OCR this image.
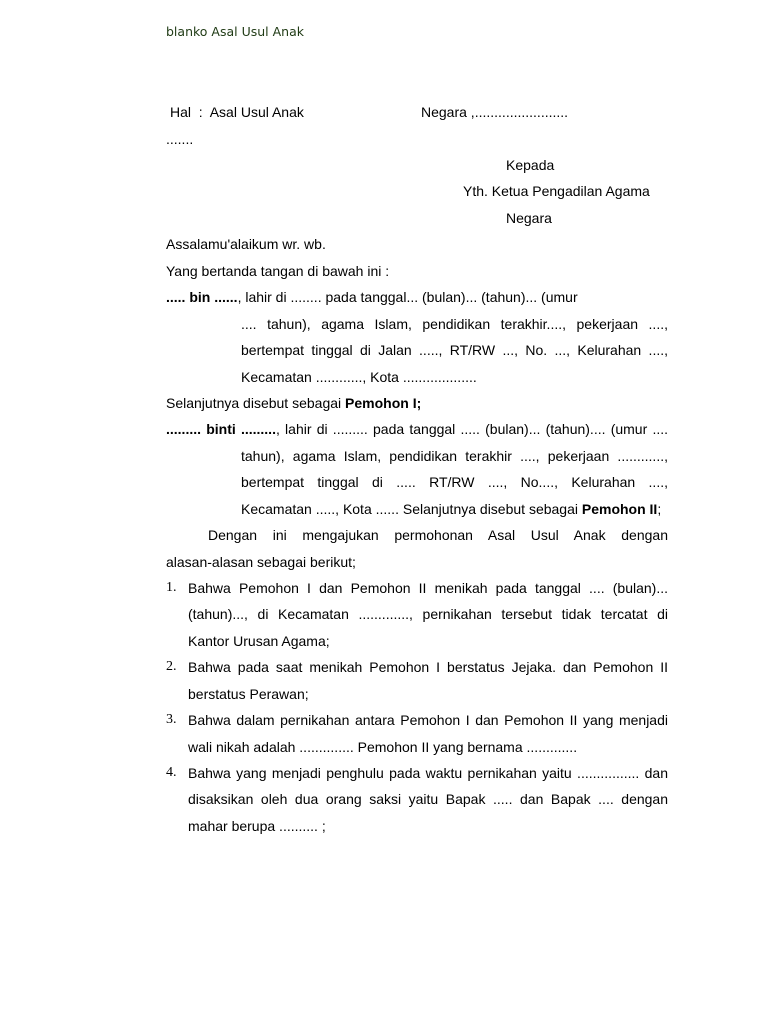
blanko Asal Usul Anak
Hal : Asal Usul Anak	Negara ,........................
.......
Kepada
Yth. Ketua Pengadilan Agama
Negara
Assalamu'alaikum wr. wb.
Yang bertanda tangan di bawah ini :
..... bin ......, lahir di ........ pada tanggal... (bulan)... (tahun)... (umur
.... tahun), agama Islam, pendidikan terakhir...., pekerjaan ....,
bertempat tinggal di Jalan ....., RT/RW ..., No. ..., Kelurahan ....,
Kecamatan ............, Kota ...................
Selanjutnya disebut sebagai Pemohon I;
......... binti ........., lahir di ......... pada tanggal ..... (bulan)... (tahun).... (umur ....
tahun), agama Islam, pendidikan terakhir ...., pekerjaan ............,
bertempat tinggal di ..... RT/RW ...., No...., Kelurahan ....,
Kecamatan ....., Kota ...... Selanjutnya disebut sebagai Pemohon II;
Dengan ini mengajukan permohonan Asal Usul Anak dengan
alasan-alasan sebagai berikut;
1. Bahwa Pemohon I dan Pemohon II menikah pada tanggal .... (bulan)...
(tahun)..., di Kecamatan ............., pernikahan tersebut tidak tercatat di
Kantor Urusan Agama;
2. Bahwa pada saat menikah Pemohon I berstatus Jejaka. dan Pemohon II
berstatus Perawan;
3. Bahwa dalam pernikahan antara Pemohon I dan Pemohon II yang menjadi
wali nikah adalah .............. Pemohon II yang bernama .............
4. Bahwa yang menjadi penghulu pada waktu pernikahan yaitu ................ dan
disaksikan oleh dua orang saksi yaitu Bapak ..... dan Bapak .... dengan
mahar berupa .......... ;
